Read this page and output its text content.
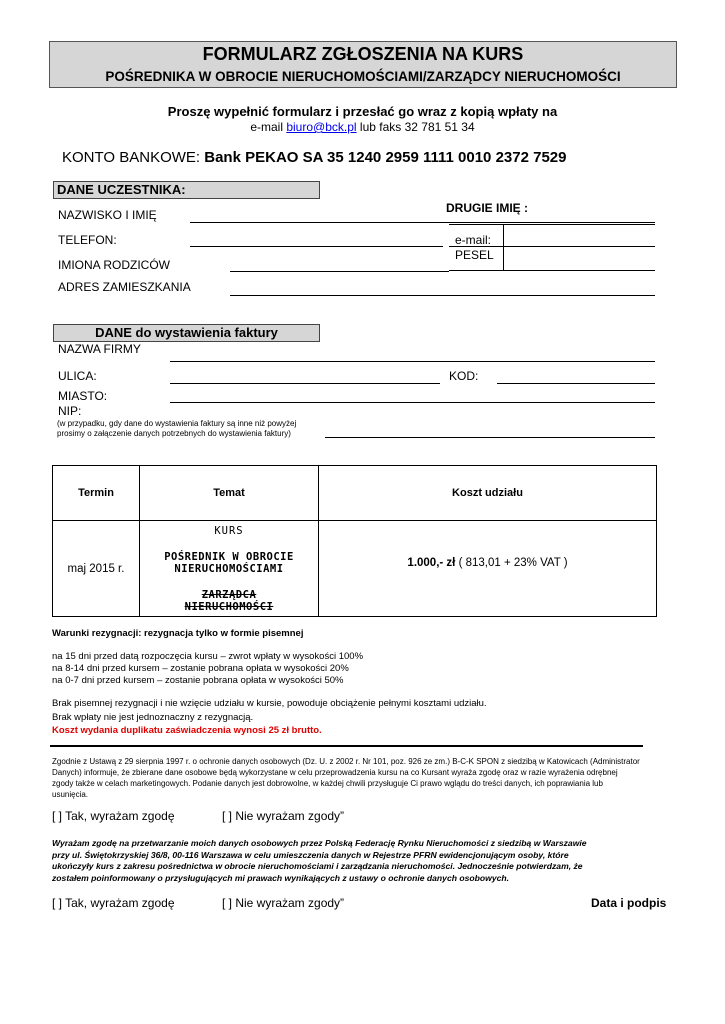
FORMULARZ ZGŁOSZENIA NA KURS
POŚREDNIKA W OBROCIE NIERUCHOMOŚCIAMI/ZARZĄDCY NIERUCHOMOŚCI
Proszę wypełnić formularz i przesłać go wraz z kopią wpłaty na
e-mail biuro@bck.pl lub faks 32 781 51 34
KONTO BANKOWE: Bank PEKAO SA 35 1240 2959 1111 0010 2372 7529
DANE UCZESTNIKA:
NAZWISKO I IMIĘ	DRUGIE IMIĘ :
TELEFON:	e-mail:
PESEL
IMIONA RODZICÓW
ADRES ZAMIESZKANIA
DANE do wystawienia faktury
NAZWA FIRMY
ULICA:	KOD:
MIASTO:
NIP:
(w przypadku, gdy dane do wystawienia faktury są inne niż powyżej
prosimy o załączenie danych potrzebnych do wystawienia faktury)
Termin	Temat	Koszt udziału
maj 2015 r.	KURS
POŚREDNIK W OBROCIE
NIERUCHOMOŚCIAMI
ZARZĄDCA
NIERUCHOMOŚCI	1.000,- zł ( 813,01 + 23% VAT )
Warunki rezygnacji: rezygnacja tylko w formie pisemnej
na 15 dni przed datą rozpoczęcia kursu – zwrot wpłaty w wysokości 100%
na 8-14 dni przed kursem – zostanie pobrana opłata w wysokości 20%
na 0-7 dni przed kursem – zostanie pobrana opłata w wysokości 50%
Brak pisemnej rezygnacji i nie wzięcie udziału w kursie, powoduje obciążenie pełnymi kosztami udziału.
Brak wpłaty nie jest jednoznaczny z rezygnacją.
Koszt wydania duplikatu zaświadczenia wynosi 25 zł brutto.
Zgodnie z Ustawą z 29 sierpnia 1997 r. o ochronie danych osobowych (Dz. U. z 2002 r. Nr 101, poz. 926 ze zm.) B-C-K SPON z siedzibą w Katowicach (Administrator
Danych) informuje, że zbierane dane osobowe będą wykorzystane w celu przeprowadzenia kursu na co Kursant wyraża zgodę oraz w razie wyrażenia odrębnej
zgody także w celach marketingowych. Podanie danych jest dobrowolne, w każdej chwili przysługuje Ci prawo wglądu do treści danych, ich poprawiania lub
usunięcia.
[ ] Tak, wyrażam zgodę	[ ] Nie wyrażam zgody”
Wyrażam zgodę na przetwarzanie moich danych osobowych przez Polską Federację Rynku Nieruchomości z siedzibą w Warszawie
przy ul. Świętokrzyskiej 36/8, 00-116 Warszawa w celu umieszczenia danych w Rejestrze PFRN ewidencjonującym osoby, które
ukończyły kurs z zakresu pośrednictwa w obrocie nieruchomościami i zarządzania nieruchomości. Jednocześnie potwierdzam, że
zostałem poinformowany o przysługujących mi prawach wynikających z ustawy o ochronie danych osobowych.
[ ] Tak, wyrażam zgodę	[ ] Nie wyrażam zgody”	Data i podpis
